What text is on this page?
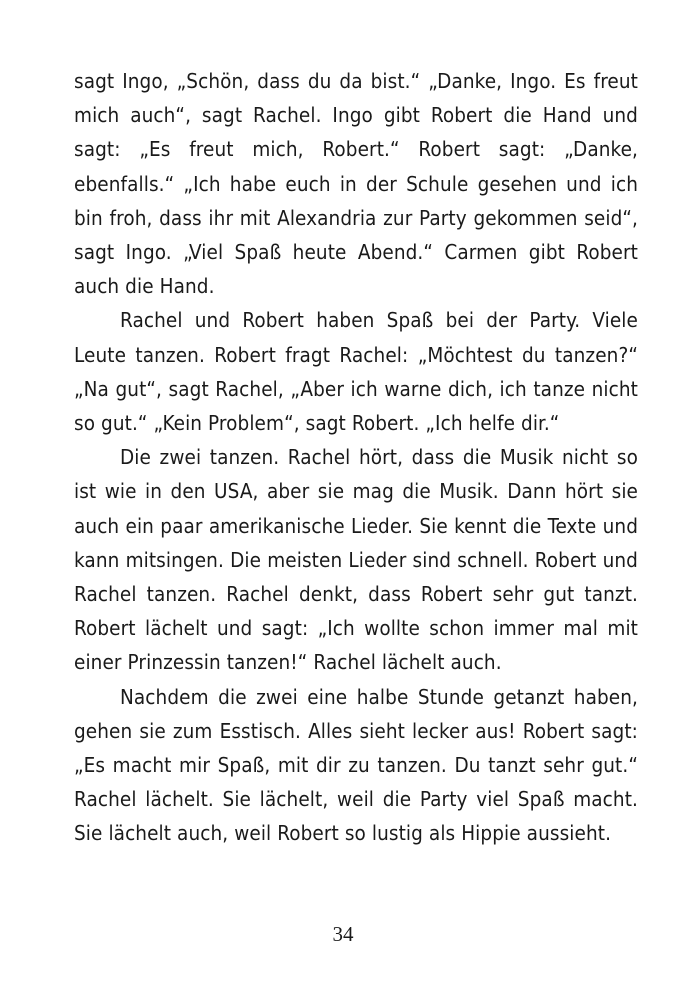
sagt Ingo, „Schön, dass du da bist.“ „Danke, Ingo. Es freut mich auch“, sagt Rachel. Ingo gibt Robert die Hand und sagt: „Es freut mich, Robert.“ Robert sagt: „Danke, ebenfalls.“ „Ich habe euch in der Schule gesehen und ich bin froh, dass ihr mit Alexandria zur Party gekommen seid“, sagt Ingo. „Viel Spaß heute Abend.“ Carmen gibt Robert auch die Hand.

Rachel und Robert haben Spaß bei der Party. Viele Leute tanzen. Robert fragt Rachel: „Möchtest du tanzen?“ „Na gut“, sagt Rachel, „Aber ich warne dich, ich tanze nicht so gut.“ „Kein Problem“, sagt Robert. „Ich helfe dir.“

Die zwei tanzen. Rachel hört, dass die Musik nicht so ist wie in den USA, aber sie mag die Musik. Dann hört sie auch ein paar amerikanische Lieder. Sie kennt die Texte und kann mitsingen. Die meisten Lieder sind schnell. Robert und Rachel tanzen. Rachel denkt, dass Robert sehr gut tanzt. Robert lächelt und sagt: „Ich wollte schon immer mal mit einer Prinzessin tanzen!“ Rachel lächelt auch.

Nachdem die zwei eine halbe Stunde getanzt haben, gehen sie zum Esstisch. Alles sieht lecker aus! Robert sagt: „Es macht mir Spaß, mit dir zu tanzen. Du tanzt sehr gut.“ Rachel lächelt. Sie lächelt, weil die Party viel Spaß macht. Sie lächelt auch, weil Robert so lustig als Hippie aussieht.

34
